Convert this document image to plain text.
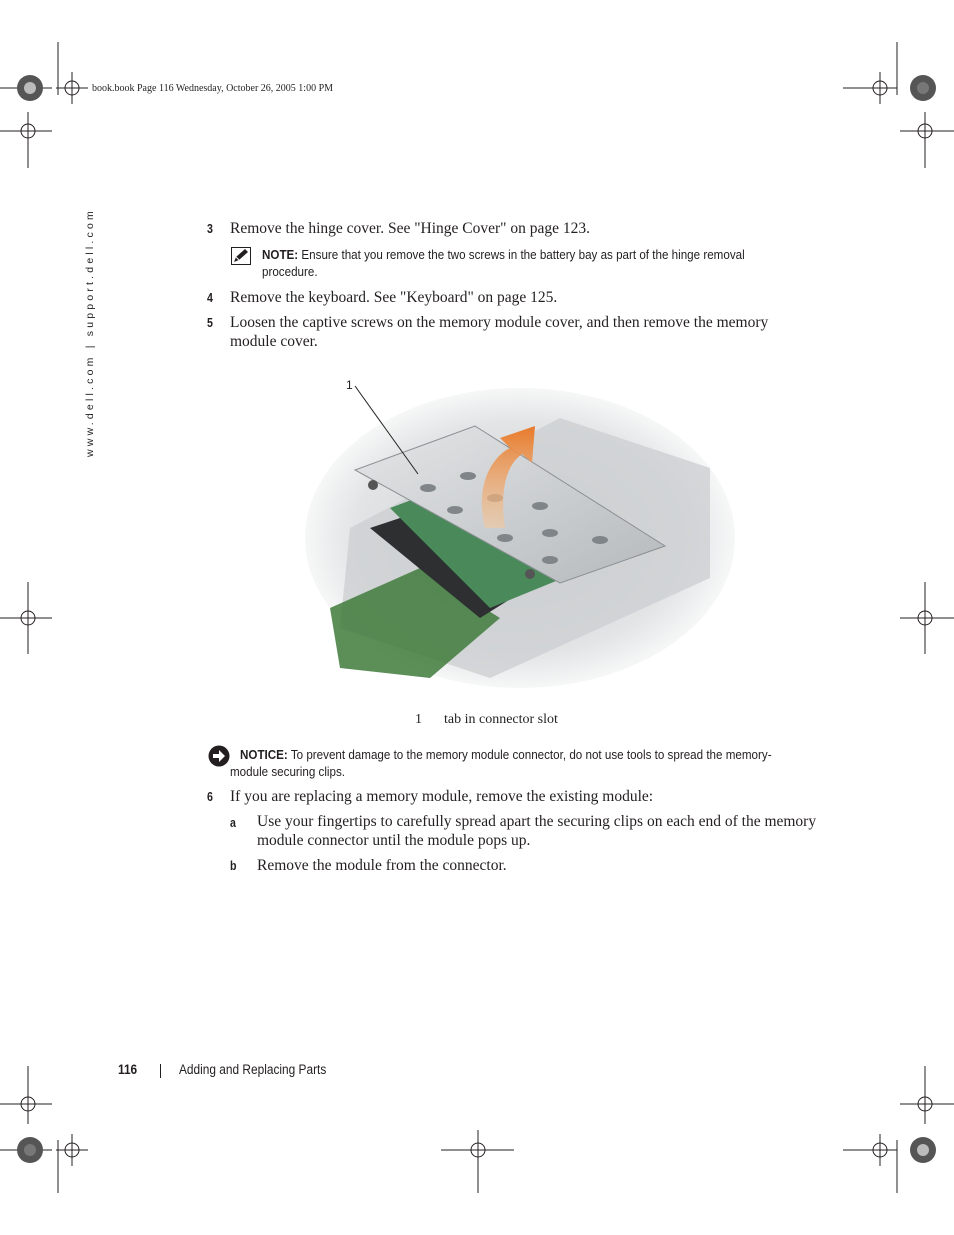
book.book Page 116 Wednesday, October 26, 2005 1:00 PM
www.dell.com | support.dell.com	3 Remove the hinge cover. See "Hinge Cover" on page 123.
NOTE: Ensure that you remove the two screws in the battery bay as part of the hinge removal procedure.
4 Remove the keyboard. See "Keyboard" on page 125.
5 Loosen the captive screws on the memory module cover, and then remove the memory
module cover.
1
1 tab in connector slot
NOTICE: To prevent damage to the memory module connector, do not use tools to spread the memory-
module securing clips.
6 If you are replacing a memory module, remove the existing module:
a Use your fingertips to carefully spread apart the securing clips on each end of the memory
module connector until the module pops up.
b Remove the module from the connector.
116	Adding and Replacing Parts
